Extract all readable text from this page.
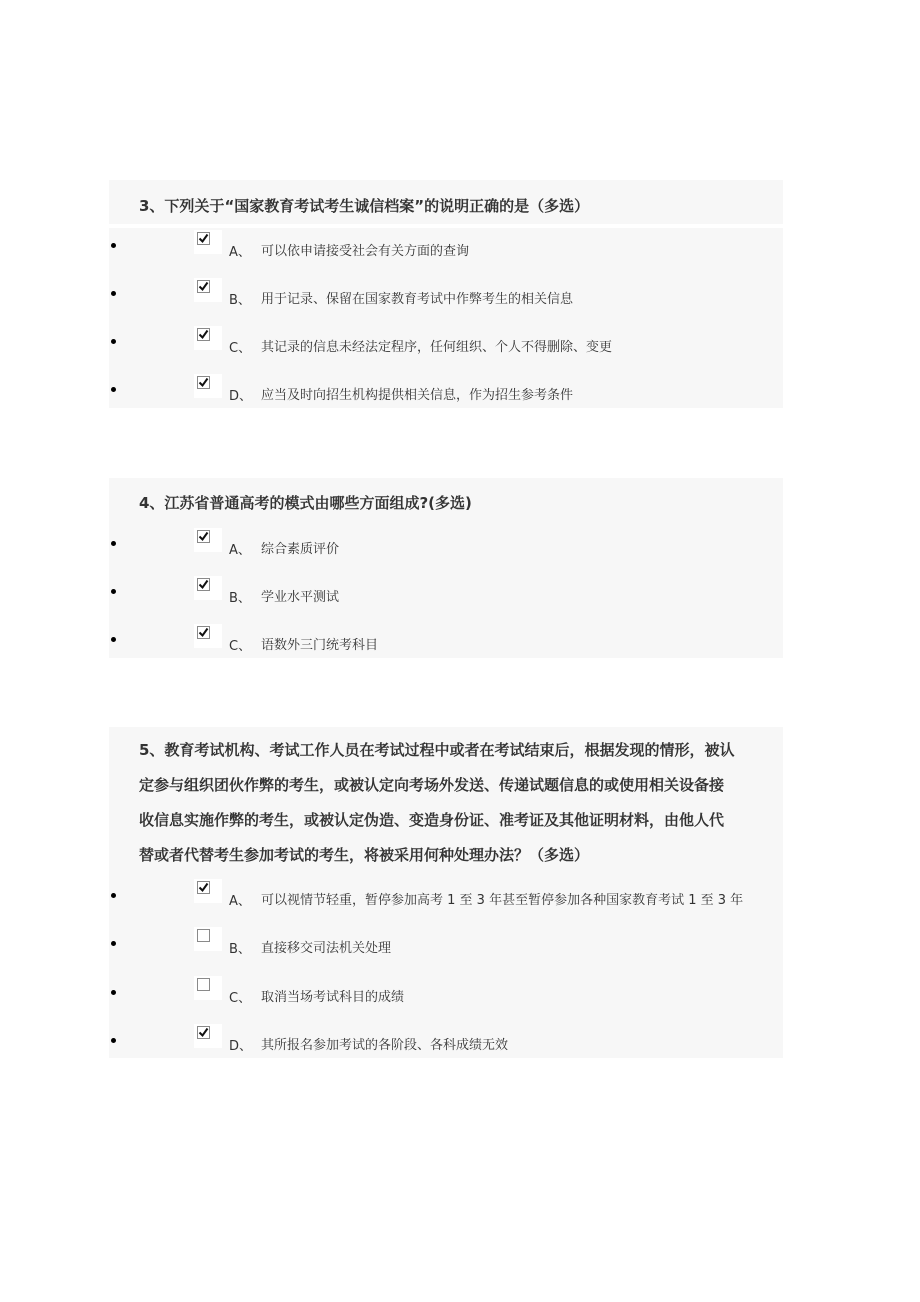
3、下列关于“国家教育考试考生诚信档案”的说明正确的是（多选）
A、 可以依申请接受社会有关方面的查询
B、 用于记录、保留在国家教育考试中作弊考生的相关信息
C、 其记录的信息未经法定程序，任何组织、个人不得删除、变更
D、 应当及时向招生机构提供相关信息，作为招生参考条件
4、江苏省普通高考的模式由哪些方面组成?(多选)
A、 综合素质评价
B、 学业水平测试
C、 语数外三门统考科目
5、教育考试机构、考试工作人员在考试过程中或者在考试结束后，根据发现的情形，被认
定参与组织团伙作弊的考生，或被认定向考场外发送、传递试题信息的或使用相关设备接
收信息实施作弊的考生，或被认定伪造、变造身份证、准考证及其他证明材料，由他人代
替或者代替考生参加考试的考生，将被采用何种处理办法？（多选）
A、 可以视情节轻重，暂停参加高考 1 至 3 年甚至暂停参加各种国家教育考试 1 至 3 年
B、 直接移交司法机关处理
C、 取消当场考试科目的成绩
D、 其所报名参加考试的各阶段、各科成绩无效
